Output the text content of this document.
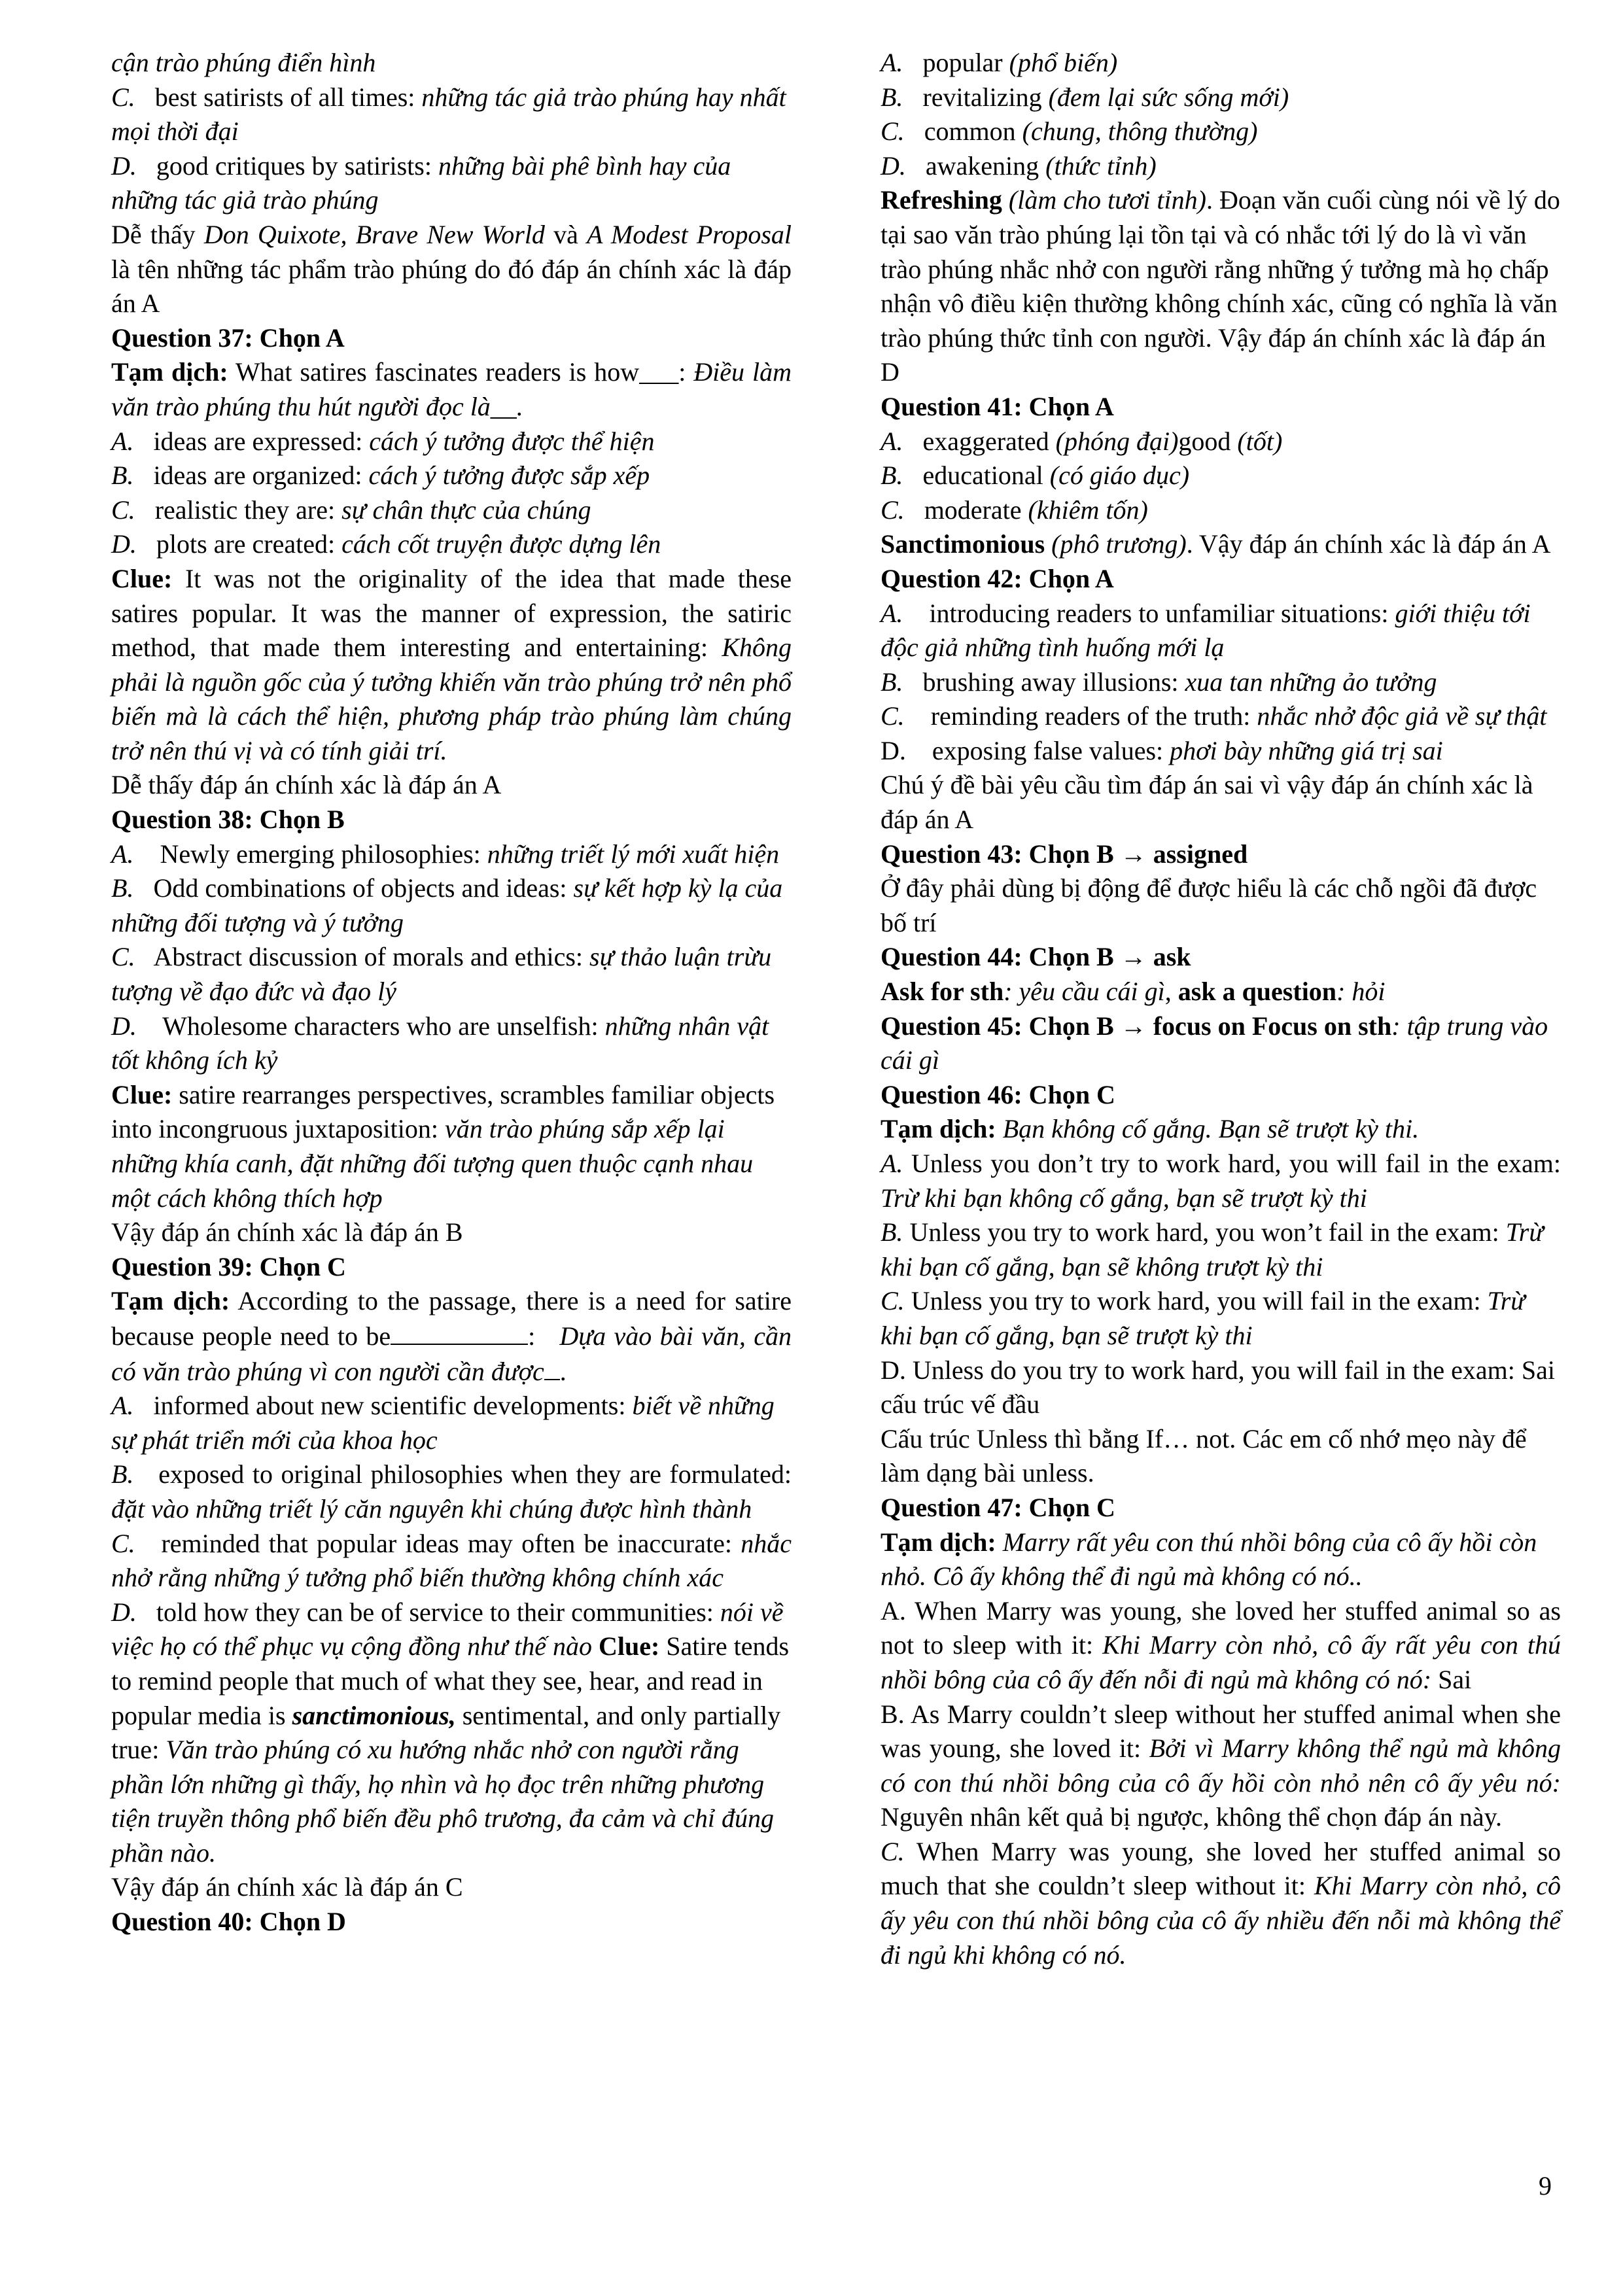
cận trào phúng điển hình

C. best satirists of all times: những tác giả trào phúng hay nhất mọi thời đại

D. good critiques by satirists: những bài phê bình hay của những tác giả trào phúng

Dễ thấy Don Quixote, Brave New World và A Modest Proposal là tên những tác phẩm trào phúng do đó đáp án chính xác là đáp án A

Question 37: Chọn A

Tạm dịch: What satires fascinates readers is how___: Điều làm văn trào phúng thu hút người đọc là__.

A. ideas are expressed: cách ý tưởng được thể hiện

B. ideas are organized: cách ý tưởng được sắp xếp

C. realistic they are: sự chân thực của chúng

D. plots are created: cách cốt truyện được dựng lên

Clue: It was not the originality of the idea that made these satires popular. It was the manner of expression, the satiric method, that made them interesting and entertaining: Không phải là nguồn gốc của ý tưởng khiến văn trào phúng trở nên phổ biến mà là cách thể hiện, phương pháp trào phúng làm chúng trở nên thú vị và có tính giải trí.

Dễ thấy đáp án chính xác là đáp án A

Question 38: Chọn B

A. Newly emerging philosophies: những triết lý mới xuất hiện

B. Odd combinations of objects and ideas: sự kết hợp kỳ lạ của những đối tượng và ý tưởng

C. Abstract discussion of morals and ethics: sự thảo luận trừu tượng về đạo đức và đạo lý

D. Wholesome characters who are unselfish: những nhân vật tốt không ích kỷ

Clue: satire rearranges perspectives, scrambles familiar objects into incongruous juxtaposition: văn trào phúng sắp xếp lại những khía canh, đặt những đối tượng quen thuộc cạnh nhau một cách không thích hợp

Vậy đáp án chính xác là đáp án B

Question 39: Chọn C

Tạm dịch: According to the passage, there is a need for satire because people need to be	: Dựa vào bài văn, cần có văn trào phúng vì con người cần được .

A. informed about new scientific developments: biết về những sự phát triển mới của khoa học

B. exposed to original philosophies when they are formulated: đặt vào những triết lý căn nguyên khi chúng được hình thành

C. reminded that popular ideas may often be inaccurate: nhắc nhở rằng những ý tưởng phổ biến thường không chính xác

D. told how they can be of service to their communities: nói về việc họ có thể phục vụ cộng đồng như thế nào Clue: Satire tends to remind people that much of what they see, hear, and read in popular media is sanctimonious, sentimental, and only partially true: Văn trào phúng có xu hướng nhắc nhở con người rằng phần lớn những gì thấy, họ nhìn và họ đọc trên những phương tiện truyền thông phổ biến đều phô trương, đa cảm và chỉ đúng phần nào.

Vậy đáp án chính xác là đáp án C

Question 40: Chọn D

A. popular (phổ biến)

B. revitalizing (đem lại sức sống mới)

C. common (chung, thông thường)

D. awakening (thức tỉnh)

Refreshing (làm cho tươi tỉnh). Đoạn văn cuối cùng nói về lý do tại sao văn trào phúng lại tồn tại và có nhắc tới lý do là vì văn trào phúng nhắc nhở con người rằng những ý tưởng mà họ chấp nhận vô điều kiện thường không chính xác, cũng có nghĩa là văn trào phúng thức tỉnh con người. Vậy đáp án chính xác là đáp án D

Question 41: Chọn A

A. exaggerated (phóng đại)good (tốt)

B. educational (có giáo dục)

C. moderate (khiêm tốn)

Sanctimonious (phô trương). Vậy đáp án chính xác là đáp án A

Question 42: Chọn A

A. introducing readers to unfamiliar situations: giới thiệu tới độc giả những tình huống mới lạ

B. brushing away illusions: xua tan những ảo tưởng

C. reminding readers of the truth: nhắc nhở độc giả về sự thật

D. exposing false values: phơi bày những giá trị sai

Chú ý đề bài yêu cầu tìm đáp án sai vì vậy đáp án chính xác là đáp án A

Question 43: Chọn B → assigned

Ở đây phải dùng bị động để được hiểu là các chỗ ngồi đã được bố trí

Question 44: Chọn B → ask

Ask for sth: yêu cầu cái gì, ask a question: hỏi

Question 45: Chọn B → focus on Focus on sth: tập trung vào cái gì

Question 46: Chọn C

Tạm dịch: Bạn không cố gắng. Bạn sẽ trượt kỳ thi.

A. Unless you don’t try to work hard, you will fail in the exam: Trừ khi bạn không cố gắng, bạn sẽ trượt kỳ thi

B. Unless you try to work hard, you won’t fail in the exam: Trừ khi bạn cố gắng, bạn sẽ không trượt kỳ thi

C. Unless you try to work hard, you will fail in the exam: Trừ khi bạn cố gắng, bạn sẽ trượt kỳ thi

D. Unless do you try to work hard, you will fail in the exam: Sai cấu trúc vế đầu

Cấu trúc Unless thì bằng If… not. Các em cố nhớ mẹo này để làm dạng bài unless.

Question 47: Chọn C

Tạm dịch: Marry rất yêu con thú nhồi bông của cô ấy hồi còn nhỏ. Cô ấy không thể đi ngủ mà không có nó..

A. When Marry was young, she loved her stuffed animal so as not to sleep with it: Khi Marry còn nhỏ, cô ấy rất yêu con thú nhồi bông của cô ấy đến nỗi đi ngủ mà không có nó: Sai

B. As Marry couldn’t sleep without her stuffed animal when she was young, she loved it: Bởi vì Marry không thể ngủ mà không có con thú nhồi bông của cô ấy hồi còn nhỏ nên cô ấy yêu nó: Nguyên nhân kết quả bị ngược, không thể chọn đáp án này.

C. When Marry was young, she loved her stuffed animal so much that she couldn’t sleep without it: Khi Marry còn nhỏ, cô ấy yêu con thú nhồi bông của cô ấy nhiều đến nỗi mà không thể đi ngủ khi không có nó.

9
